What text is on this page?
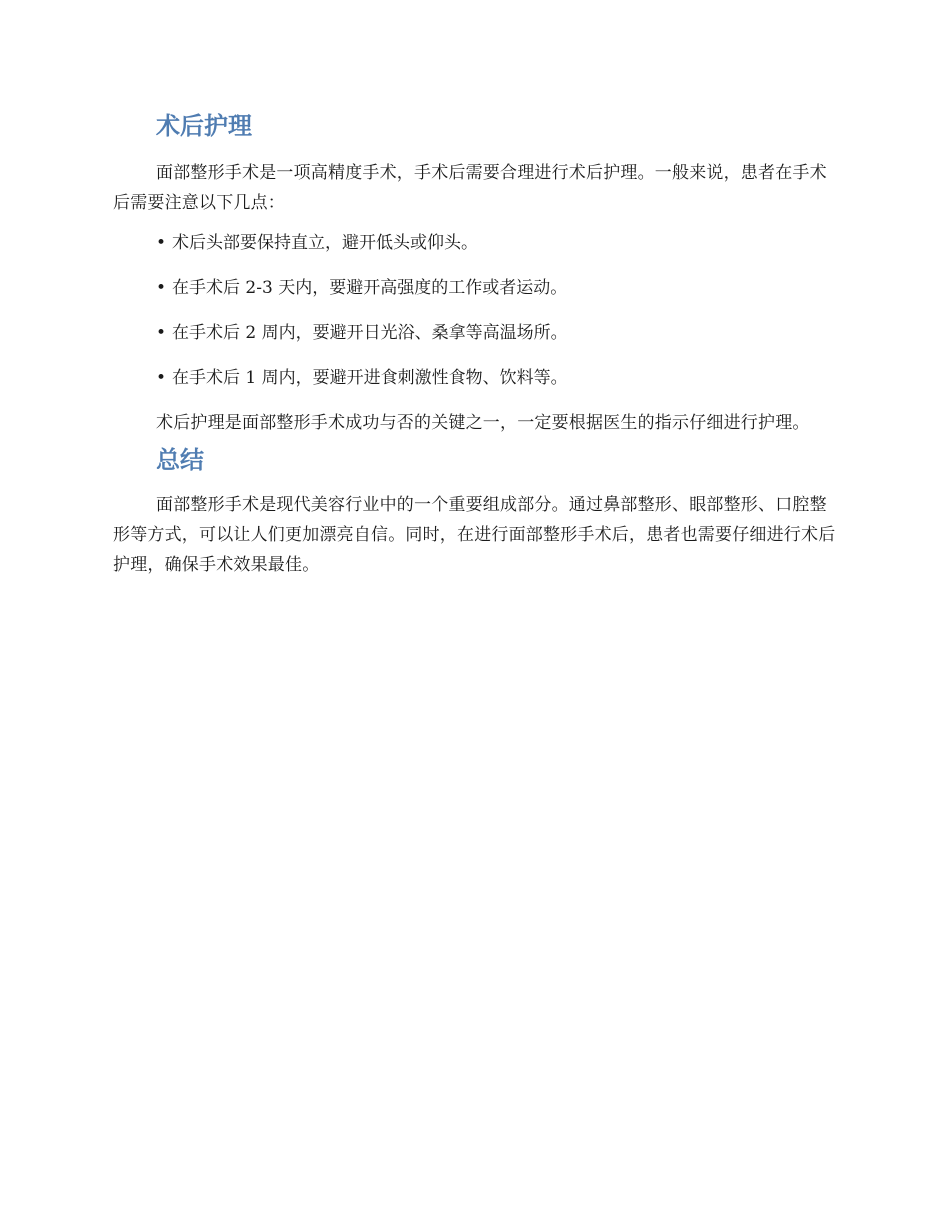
术后护理

面部整形手术是一项高精度手术，手术后需要合理进行术后护理。一般来说，患者在手术后需要注意以下几点：

• 术后头部要保持直立，避开低头或仰头。
• 在手术后 2-3 天内，要避开高强度的工作或者运动。
• 在手术后 2 周内，要避开日光浴、桑拿等高温场所。
• 在手术后 1 周内，要避开进食刺激性食物、饮料等。

术后护理是面部整形手术成功与否的关键之一，一定要根据医生的指示仔细进行护理。

总结

面部整形手术是现代美容行业中的一个重要组成部分。通过鼻部整形、眼部整形、口腔整形等方式，可以让人们更加漂亮自信。同时，在进行面部整形手术后，患者也需要仔细进行术后护理，确保手术效果最佳。
